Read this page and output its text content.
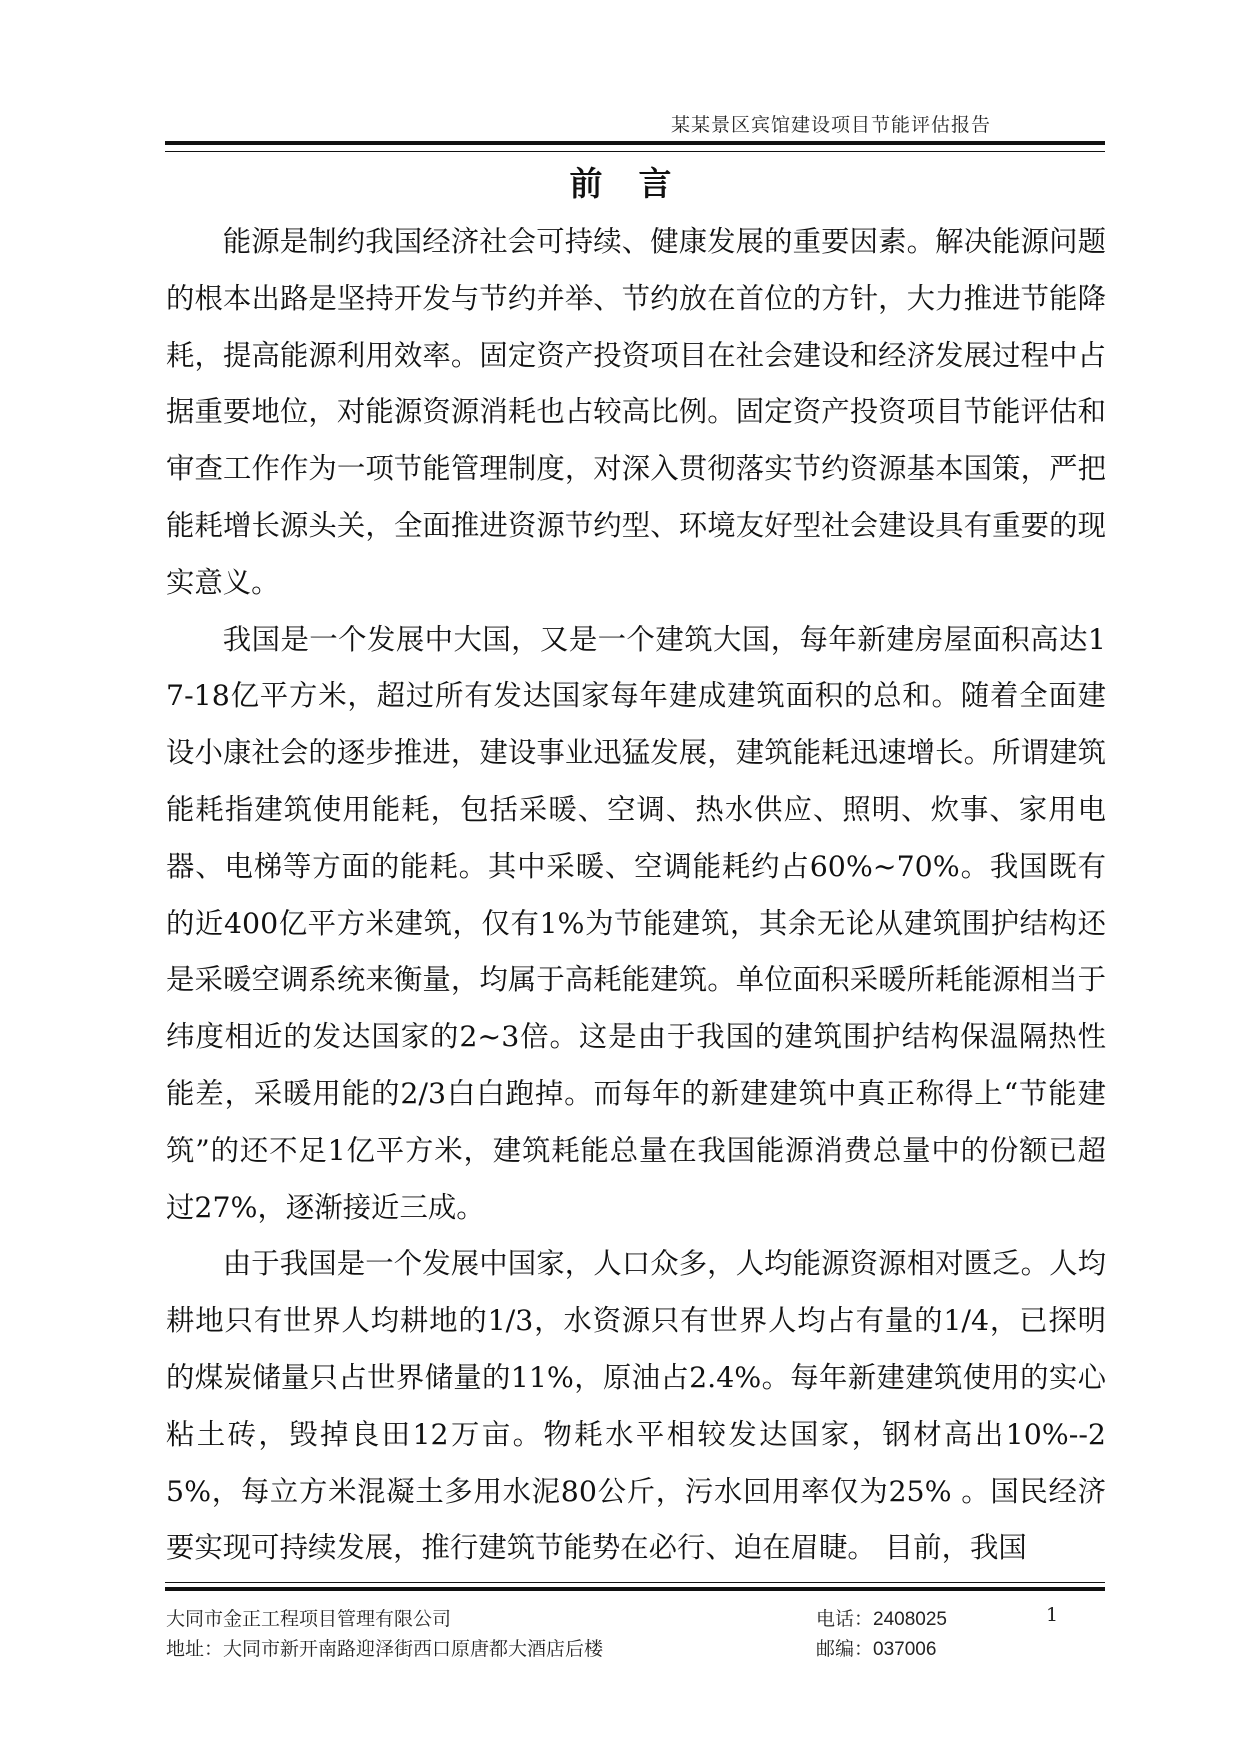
某某景区宾馆建设项目节能评估报告
前言

能源是制约我国经济社会可持续、健康发展的重要因素。解决能源问题的根本出路是坚持开发与节约并举、节约放在首位的方针，大力推进节能降耗，提高能源利用效率。固定资产投资项目在社会建设和经济发展过程中占据重要地位，对能源资源消耗也占较高比例。固定资产投资项目节能评估和审查工作作为一项节能管理制度，对深入贯彻落实节约资源基本国策，严把能耗增长源头关，全面推进资源节约型、环境友好型社会建设具有重要的现实意义。

我国是一个发展中大国，又是一个建筑大国，每年新建房屋面积高达17-18亿平方米，超过所有发达国家每年建成建筑面积的总和。随着全面建设小康社会的逐步推进，建设事业迅猛发展，建筑能耗迅速增长。所谓建筑能耗指建筑使用能耗，包括采暖、空调、热水供应、照明、炊事、家用电器、电梯等方面的能耗。其中采暖、空调能耗约占60%~70%。我国既有的近400亿平方米建筑，仅有1%为节能建筑，其余无论从建筑围护结构还是采暖空调系统来衡量，均属于高耗能建筑。单位面积采暖所耗能源相当于纬度相近的发达国家的2~3倍。这是由于我国的建筑围护结构保温隔热性能差，采暖用能的2/3白白跑掉。而每年的新建建筑中真正称得上“节能建筑”的还不足1亿平方米，建筑耗能总量在我国能源消费总量中的份额已超过27%，逐渐接近三成。

由于我国是一个发展中国家，人口众多，人均能源资源相对匮乏。人均耕地只有世界人均耕地的1/3，水资源只有世界人均占有量的1/4，已探明的煤炭储量只占世界储量的11%，原油占2.4%。每年新建建筑使用的实心粘土砖，毁掉良田12万亩。物耗水平相较发达国家，钢材高出10%--25%，每立方米混凝土多用水泥80公斤，污水回用率仅为25% 。国民经济要实现可持续发展，推行建筑节能势在必行、迫在眉睫。 目前，我国

大同市金正工程项目管理有限公司	电话：2408025	1
地址：大同市新开南路迎泽街西口原唐都大酒店后楼	邮编：037006
